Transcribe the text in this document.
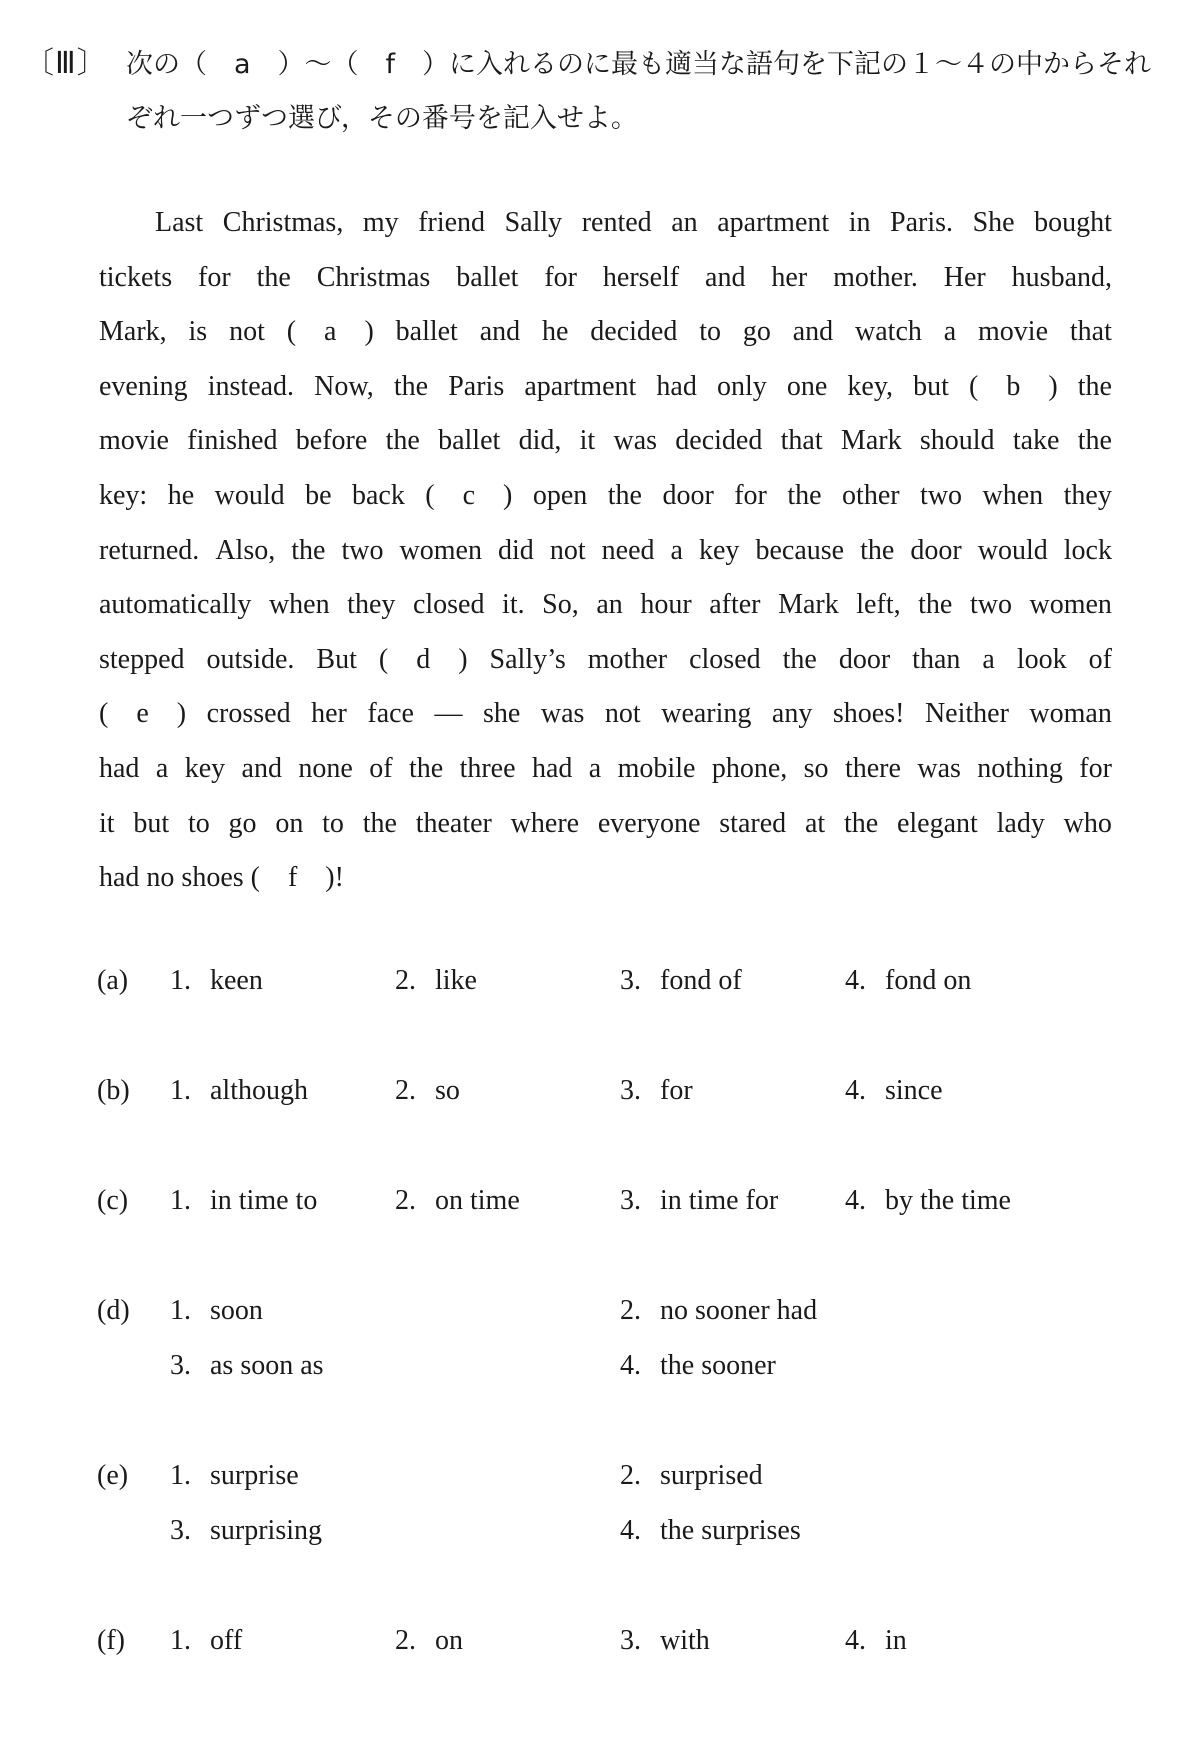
〔Ⅲ〕 次の（　a　）〜（　f　）に入れるのに最も適当な語句を下記の１〜４の中からそれぞれ一つずつ選び，その番号を記入せよ。
Last Christmas, my friend Sally rented an apartment in Paris. She bought
tickets for the Christmas ballet for herself and her mother. Her husband,
Mark, is not (　a　) ballet and he decided to go and watch a movie that
evening instead. Now, the Paris apartment had only one key, but (　b　) the
movie finished before the ballet did, it was decided that Mark should take the
key: he would be back (　c　) open the door for the other two when they
returned. Also, the two women did not need a key because the door would lock
automatically when they closed it. So, an hour after Mark left, the two women
stepped outside. But (　d　) Sally’s mother closed the door than a look of
(　e　) crossed her face — she was not wearing any shoes! Neither woman
had a key and none of the three had a mobile phone, so there was nothing for
it but to go on to the theater where everyone stared at the elegant lady who
had no shoes (　f　)!
(a) 1. keen	2. like	3. fond of	4. fond on
(b) 1. although	2. so	3. for	4. since
(c) 1. in time to	2. on time	3. in time for 4. by the time
(d) 1. soon	2. no sooner had
3. as soon as	4. the sooner
(e) 1. surprise	2. surprised
3. surprising	4. the surprises
(f) 1. off	2. on	3. with	4. in
